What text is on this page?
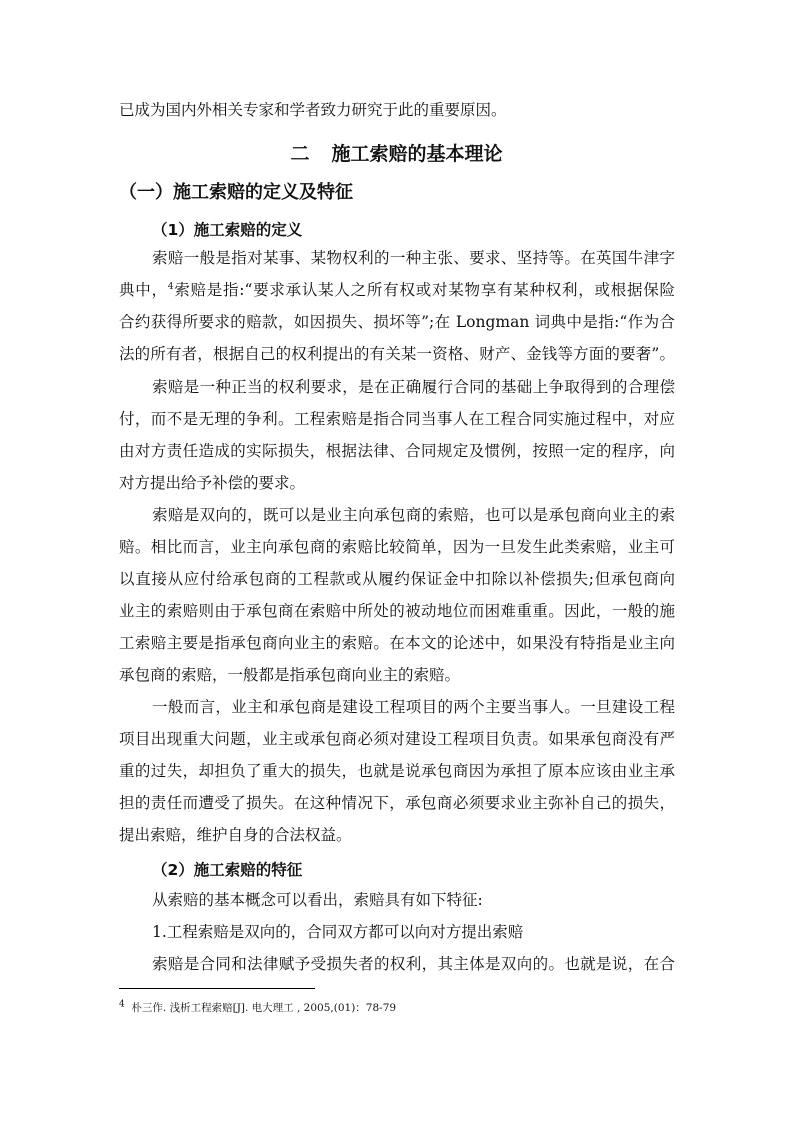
已成为国内外相关专家和学者致力研究于此的重要原因。
二 施工索赔的基本理论
（一）施工索赔的定义及特征
（1）施工索赔的定义
索赔一般是指对某事、某物权利的一种主张、要求、坚持等。在英国牛津字
典中，$^4$索赔是指:“要求承认某人之所有权或对某物享有某种权利，或根据保险
合约获得所要求的赔款，如因损失、损坏等”;在 Longman 词典中是指:“作为合
法的所有者，根据自己的权利提出的有关某一资格、财产、金钱等方面的要奢”。
索赔是一种正当的权利要求，是在正确履行合同的基础上争取得到的合理偿
付，而不是无理的争利。工程索赔是指合同当事人在工程合同实施过程中，对应
由对方责任造成的实际损失，根据法律、合同规定及惯例，按照一定的程序，向
对方提出给予补偿的要求。
索赔是双向的，既可以是业主向承包商的索赔，也可以是承包商向业主的索
赔。相比而言，业主向承包商的索赔比较简单，因为一旦发生此类索赔，业主可
以直接从应付给承包商的工程款或从履约保证金中扣除以补偿损失;但承包商向
业主的索赔则由于承包商在索赔中所处的被动地位而困难重重。因此，一般的施
工索赔主要是指承包商向业主的索赔。在本文的论述中，如果没有特指是业主向
承包商的索赔，一般都是指承包商向业主的索赔。
一般而言，业主和承包商是建设工程项目的两个主要当事人。一旦建设工程
项目出现重大问题，业主或承包商必须对建设工程项目负责。如果承包商没有严
重的过失，却担负了重大的损失，也就是说承包商因为承担了原本应该由业主承
担的责任而遭受了损失。在这种情况下，承包商必须要求业主弥补自己的损失，
提出索赔，维护自身的合法权益。
（2）施工索赔的特征
从索赔的基本概念可以看出，索赔具有如下特征:
1.工程索赔是双向的，合同双方都可以向对方提出索赔
索赔是合同和法律赋予受损失者的权利，其主体是双向的。也就是说，在合
$^4$ 朴三作. 浅析工程索赔[J]. 电大理工 , 2005,(01)：78-79
